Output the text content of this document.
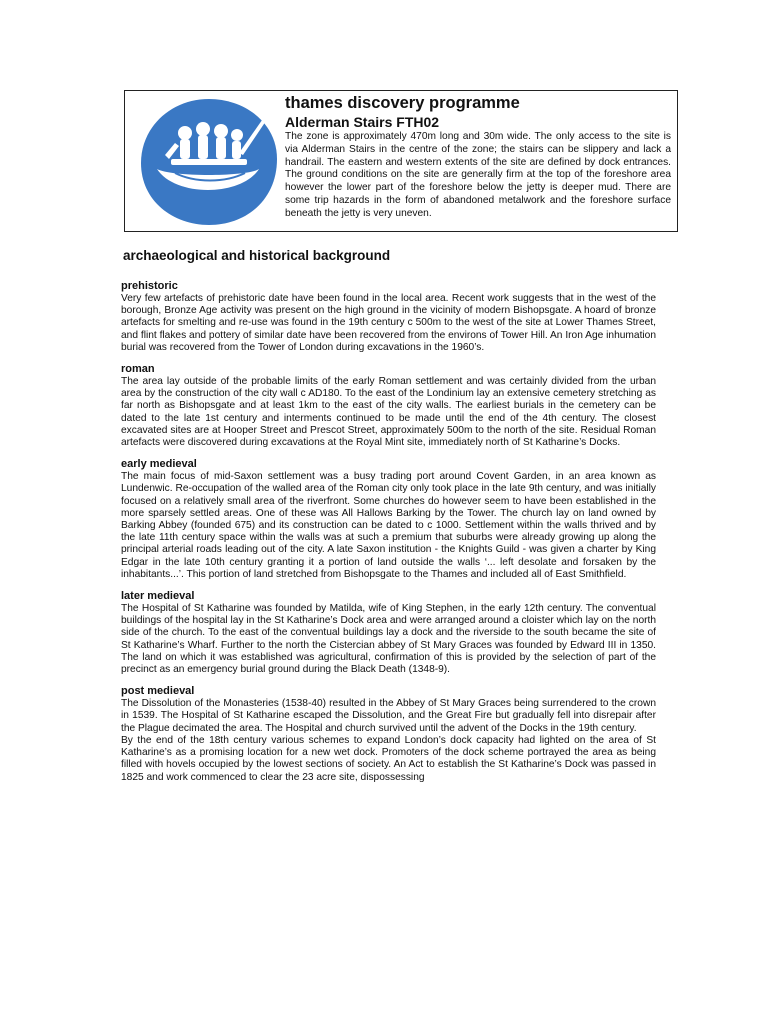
thames discovery programme
Alderman Stairs FTH02

The zone is approximately 470m long and 30m wide. The only access to the site is via Alderman Stairs in the centre of the zone; the stairs can be slippery and lack a handrail. The eastern and western extents of the site are defined by dock entrances. The ground conditions on the site are generally firm at the top of the foreshore area however the lower part of the foreshore below the jetty is deeper mud. There are some trip hazards in the form of abandoned metalwork and the foreshore surface beneath the jetty is very uneven.

archaeological and historical background
prehistoric

Very few artefacts of prehistoric date have been found in the local area. Recent work suggests that in the west of the borough, Bronze Age activity was present on the high ground in the vicinity of modern Bishopsgate. A hoard of bronze artefacts for smelting and re-use was found in the 19th century c 500m to the west of the site at Lower Thames Street, and flint flakes and pottery of similar date have been recovered from the environs of Tower Hill. An Iron Age inhumation burial was recovered from the Tower of London during excavations in the 1960’s.

roman

The area lay outside of the probable limits of the early Roman settlement and was certainly divided from the urban area by the construction of the city wall c AD180. To the east of the Londinium lay an extensive cemetery stretching as far north as Bishopsgate and at least 1km to the east of the city walls. The earliest burials in the cemetery can be dated to the late 1st century and interments continued to be made until the end of the 4th century. The closest excavated sites are at Hooper Street and Prescot Street, approximately 500m to the north of the site. Residual Roman artefacts were discovered during excavations at the Royal Mint site, immediately north of St Katharine’s Docks.

early medieval

The main focus of mid-Saxon settlement was a busy trading port around Covent Garden, in an area known as Lundenwic. Re-occupation of the walled area of the Roman city only took place in the late 9th century, and was initially focused on a relatively small area of the riverfront. Some churches do however seem to have been established in the more sparsely settled areas. One of these was All Hallows Barking by the Tower. The church lay on land owned by Barking Abbey (founded 675) and its construction can be dated to c 1000. Settlement within the walls thrived and by the late 11th century space within the walls was at such a premium that suburbs were already growing up along the principal arterial roads leading out of the city. A late Saxon institution - the Knights Guild - was given a charter by King Edgar in the late 10th century granting it a portion of land outside the walls ‘... left desolate and forsaken by the inhabitants...’. This portion of land stretched from Bishopsgate to the Thames and included all of East Smithfield.

later medieval

The Hospital of St Katharine was founded by Matilda, wife of King Stephen, in the early 12th century. The conventual buildings of the hospital lay in the St Katharine’s Dock area and were arranged around a cloister which lay on the north side of the church. To the east of the conventual buildings lay a dock and the riverside to the south became the site of St Katharine’s Wharf. Further to the north the Cistercian abbey of St Mary Graces was founded by Edward III in 1350. The land on which it was established was agricultural, confirmation of this is provided by the selection of part of the precinct as an emergency burial ground during the Black Death (1348-9).

post medieval

The Dissolution of the Monasteries (1538-40) resulted in the Abbey of St Mary Graces being surrendered to the crown in 1539. The Hospital of St Katharine escaped the Dissolution, and the Great Fire but gradually fell into disrepair after the Plague decimated the area. The Hospital and church survived until the advent of the Docks in the 19th century.

By the end of the 18th century various schemes to expand London’s dock capacity had lighted on the area of St Katharine’s as a promising location for a new wet dock. Promoters of the dock scheme portrayed the area as being filled with hovels occupied by the lowest sections of society. An Act to establish the St Katharine’s Dock was passed in 1825 and work commenced to clear the 23 acre site, dispossessing
